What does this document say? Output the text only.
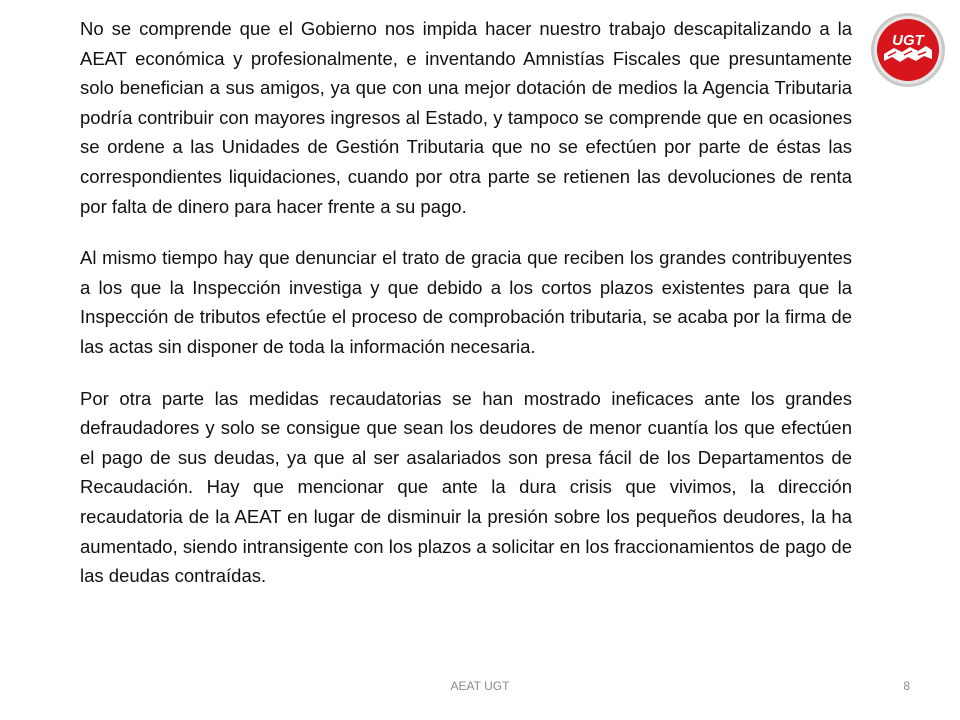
No se comprende que el Gobierno nos impida hacer nuestro trabajo descapitalizando a la AEAT económica y profesionalmente, e inventando Amnistías Fiscales que presuntamente solo benefician a sus amigos, ya que con una mejor dotación de medios la Agencia Tributaria podría contribuir con mayores ingresos al Estado, y tampoco se comprende que en ocasiones se ordene a las Unidades de Gestión Tributaria que no se efectúen por parte de éstas las correspondientes liquidaciones, cuando por otra parte se retienen las devoluciones de renta por falta de dinero para hacer frente a su pago.

Al mismo tiempo hay que denunciar el trato de gracia que reciben los grandes contribuyentes a los que la Inspección investiga y que debido a los cortos plazos existentes para que la Inspección de tributos efectúe el proceso de comprobación tributaria, se acaba por la firma de las actas sin disponer de toda la información necesaria.

Por otra parte las medidas recaudatorias se han mostrado ineficaces ante los grandes defraudadores y solo se consigue que sean los deudores de menor cuantía los que efectúen el pago de sus deudas, ya que al ser asalariados son presa fácil de los Departamentos de Recaudación. Hay que mencionar que ante la dura crisis que vivimos, la dirección recaudatoria de la AEAT en lugar de disminuir la presión sobre los pequeños deudores, la ha aumentado, siendo intransigente con los plazos a solicitar en los fraccionamientos de pago de las deudas contraídas.

UGT
AEAT UGT	8
